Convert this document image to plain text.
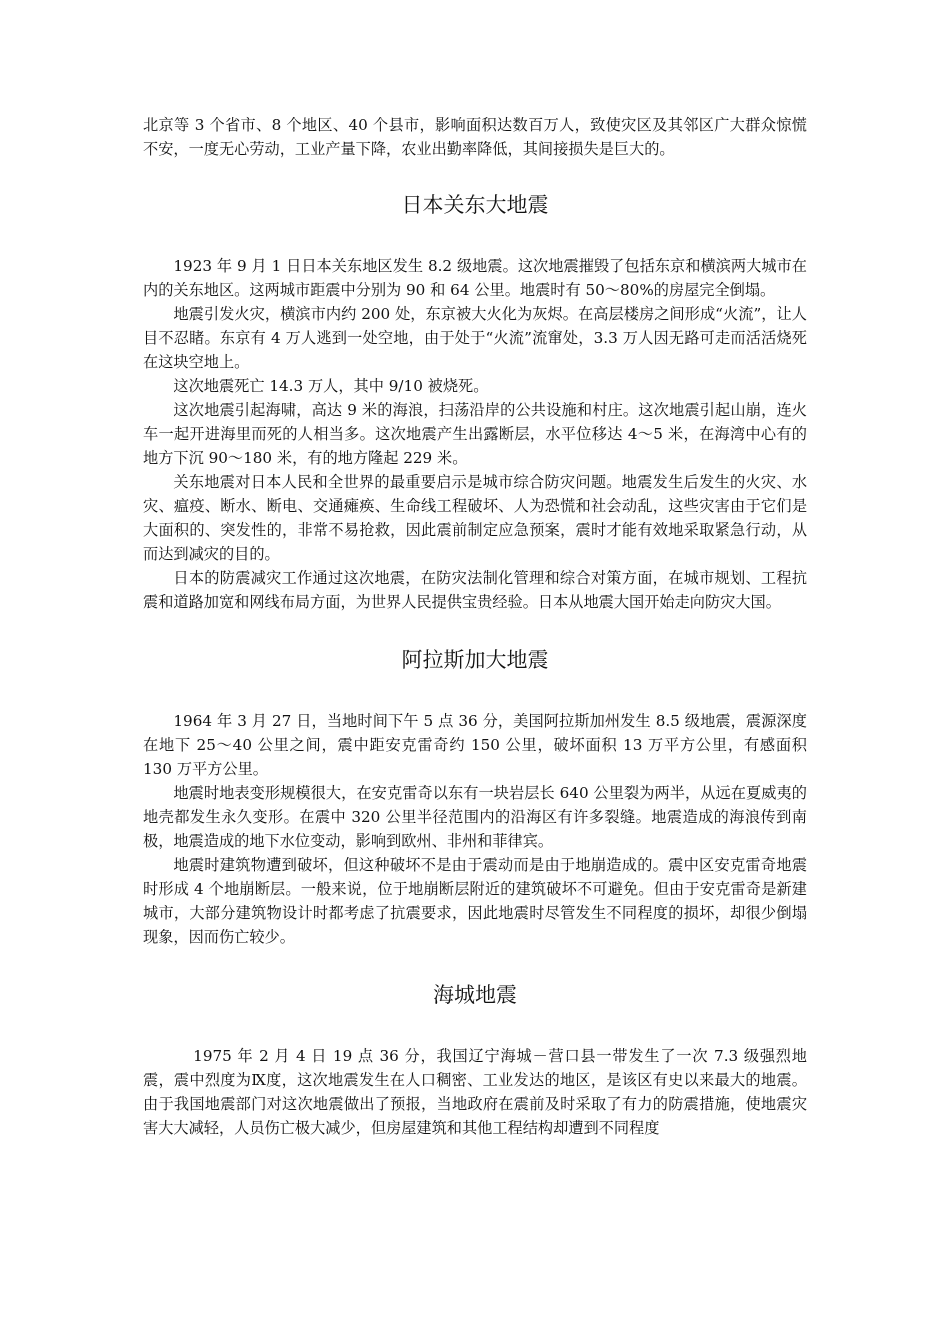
北京等 3 个省市、8 个地区、40 个县市，影响面积达数百万人，致使灾区及其邻区广大群众惊慌不安，一度无心劳动，工业产量下降，农业出勤率降低，其间接损失是巨大的。

日本关东大地震

1923 年 9 月 1 日日本关东地区发生 8.2 级地震。这次地震摧毁了包括东京和横滨两大城市在内的关东地区。这两城市距震中分别为 90 和 64 公里。地震时有 50～80%的房屋完全倒塌。

地震引发火灾，横滨市内约 200 处，东京被大火化为灰烬。在高层楼房之间形成“火流”，让人目不忍睹。东京有 4 万人逃到一处空地，由于处于“火流”流窜处，3.3 万人因无路可走而活活烧死在这块空地上。

这次地震死亡 14.3 万人，其中 9/10 被烧死。

这次地震引起海啸，高达 9 米的海浪，扫荡沿岸的公共设施和村庄。这次地震引起山崩，连火车一起开进海里而死的人相当多。这次地震产生出露断层，水平位移达 4～5 米，在海湾中心有的地方下沉 90～180 米，有的地方隆起 229 米。

关东地震对日本人民和全世界的最重要启示是城市综合防灾问题。地震发生后发生的火灾、水灾、瘟疫、断水、断电、交通瘫痪、生命线工程破坏、人为恐慌和社会动乱，这些灾害由于它们是大面积的、突发性的，非常不易抢救，因此震前制定应急预案，震时才能有效地采取紧急行动，从而达到减灾的目的。

日本的防震减灾工作通过这次地震，在防灾法制化管理和综合对策方面，在城市规划、工程抗震和道路加宽和网线布局方面，为世界人民提供宝贵经验。日本从地震大国开始走向防灾大国。

阿拉斯加大地震

1964 年 3 月 27 日，当地时间下午 5 点 36 分，美国阿拉斯加州发生 8.5 级地震，震源深度在地下 25～40 公里之间，震中距安克雷奇约 150 公里，破坏面积 13 万平方公里，有感面积 130 万平方公里。

地震时地表变形规模很大，在安克雷奇以东有一块岩层长 640 公里裂为两半，从远在夏威夷的地壳都发生永久变形。在震中 320 公里半径范围内的沿海区有许多裂缝。地震造成的海浪传到南极，地震造成的地下水位变动，影响到欧州、非州和菲律宾。

地震时建筑物遭到破坏，但这种破坏不是由于震动而是由于地崩造成的。震中区安克雷奇地震时形成 4 个地崩断层。一般来说，位于地崩断层附近的建筑破坏不可避免。但由于安克雷奇是新建城市，大部分建筑物设计时都考虑了抗震要求，因此地震时尽管发生不同程度的损坏，却很少倒塌现象，因而伤亡较少。

海城地震

1975 年 2 月 4 日 19 点 36 分，我国辽宁海城－营口县一带发生了一次 7.3 级强烈地震，震中烈度为Ⅸ度，这次地震发生在人口稠密、工业发达的地区，是该区有史以来最大的地震。由于我国地震部门对这次地震做出了预报，当地政府在震前及时采取了有力的防震措施，使地震灾害大大减轻，人员伤亡极大减少，但房屋建筑和其他工程结构却遭到不同程度
